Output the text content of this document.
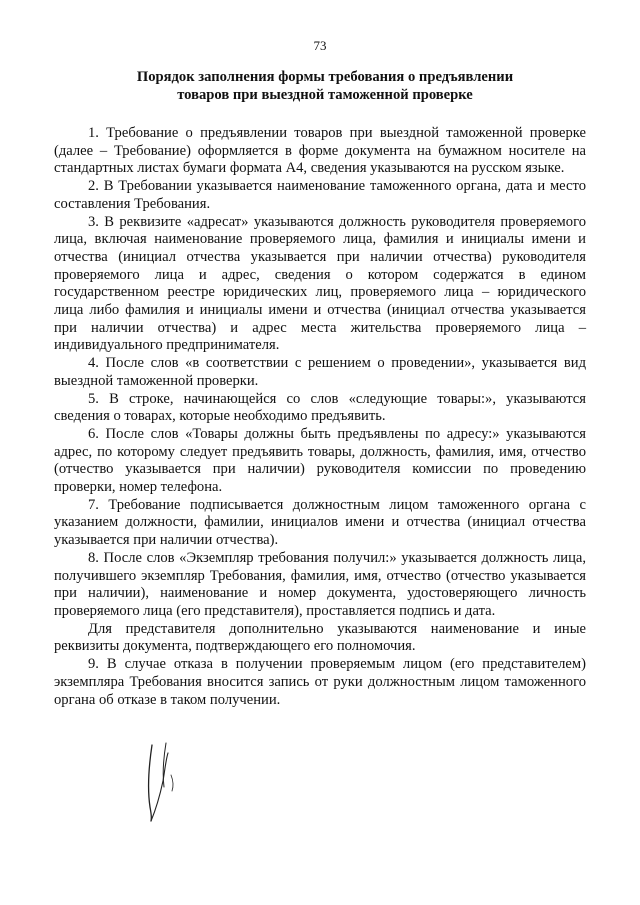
73
Порядок заполнения формы требования о предъявлении
товаров при выездной таможенной проверке

1. Требование о предъявлении товаров при выездной таможенной проверке (далее – Требование) оформляется в форме документа на бумажном носителе на стандартных листах бумаги формата А4, сведения указываются на русском языке.

2. В Требовании указывается наименование таможенного органа, дата и место составления Требования.

3. В реквизите «адресат» указываются должность руководителя проверяемого лица, включая наименование проверяемого лица, фамилия и инициалы имени и отчества (инициал отчества указывается при наличии отчества) руководителя проверяемого лица и адрес, сведения о котором содержатся в едином государственном реестре юридических лиц, проверяемого лица – юридического лица либо фамилия и инициалы имени и отчества (инициал отчества указывается при наличии отчества) и адрес места жительства проверяемого лица – индивидуального предпринимателя.

4. После слов «в соответствии с решением о проведении», указывается вид выездной таможенной проверки.

5. В строке, начинающейся со слов «следующие товары:», указываются сведения о товарах, которые необходимо предъявить.

6. После слов «Товары должны быть предъявлены по адресу:» указываются адрес, по которому следует предъявить товары, должность, фамилия, имя, отчество (отчество указывается при наличии) руководителя комиссии по проведению проверки, номер телефона.

7. Требование подписывается должностным лицом таможенного органа с указанием должности, фамилии, инициалов имени и отчества (инициал отчества указывается при наличии отчества).

8. После слов «Экземпляр требования получил:» указывается должность лица, получившего экземпляр Требования, фамилия, имя, отчество (отчество указывается при наличии), наименование и номер документа, удостоверяющего личность проверяемого лица (его представителя), проставляется подпись и дата.

Для представителя дополнительно указываются наименование и иные реквизиты документа, подтверждающего его полномочия.

9. В случае отказа в получении проверяемым лицом (его представителем) экземпляра Требования вносится запись от руки должностным лицом таможенного органа об отказе в таком получении.
